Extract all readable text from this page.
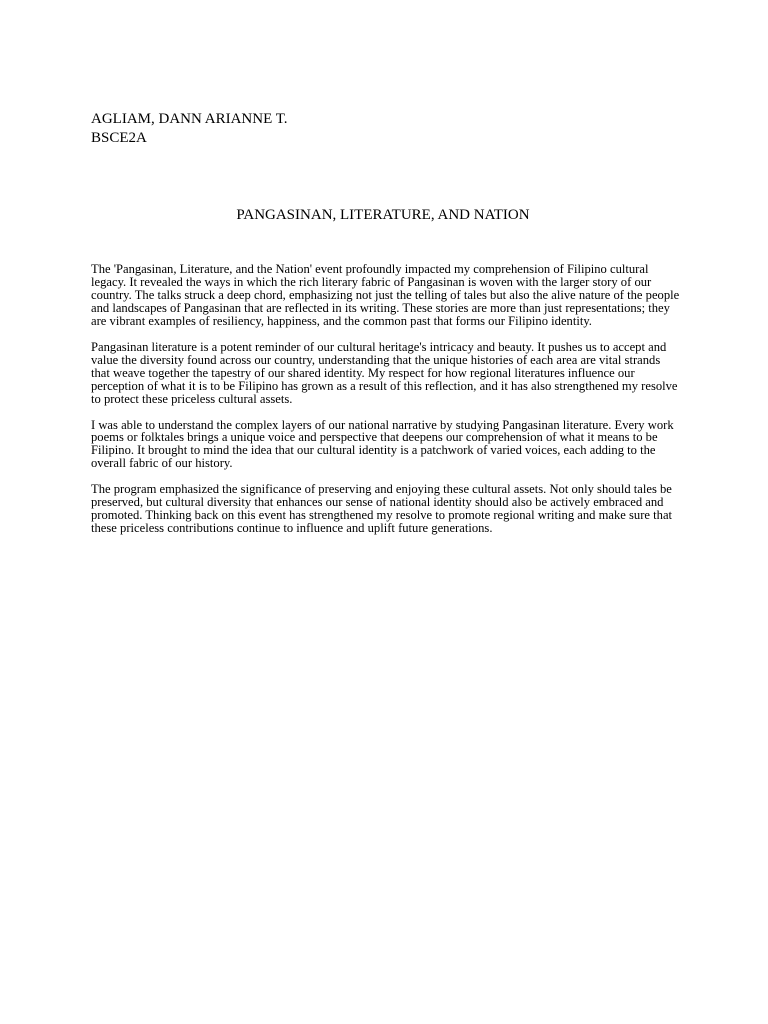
AGLIAM, DANN ARIANNE T.
BSCE2A
PANGASINAN, LITERATURE, AND NATION

The 'Pangasinan, Literature, and the Nation' event profoundly impacted my comprehension of Filipino cultural legacy. It revealed the ways in which the rich literary fabric of Pangasinan is woven with the larger story of our country. The talks struck a deep chord, emphasizing not just the telling of tales but also the alive nature of the people and landscapes of Pangasinan that are reflected in its writing. These stories are more than just representations; they are vibrant examples of resiliency, happiness, and the common past that forms our Filipino identity.

Pangasinan literature is a potent reminder of our cultural heritage's intricacy and beauty. It pushes us to accept and value the diversity found across our country, understanding that the unique histories of each area are vital strands that weave together the tapestry of our shared identity. My respect for how regional literatures influence our perception of what it is to be Filipino has grown as a result of this reflection, and it has also strengthened my resolve to protect these priceless cultural assets.

I was able to understand the complex layers of our national narrative by studying Pangasinan literature. Every work poems or folktales brings a unique voice and perspective that deepens our comprehension of what it means to be Filipino. It brought to mind the idea that our cultural identity is a patchwork of varied voices, each adding to the overall fabric of our history.

The program emphasized the significance of preserving and enjoying these cultural assets. Not only should tales be preserved, but cultural diversity that enhances our sense of national identity should also be actively embraced and promoted. Thinking back on this event has strengthened my resolve to promote regional writing and make sure that these priceless contributions continue to influence and uplift future generations.
